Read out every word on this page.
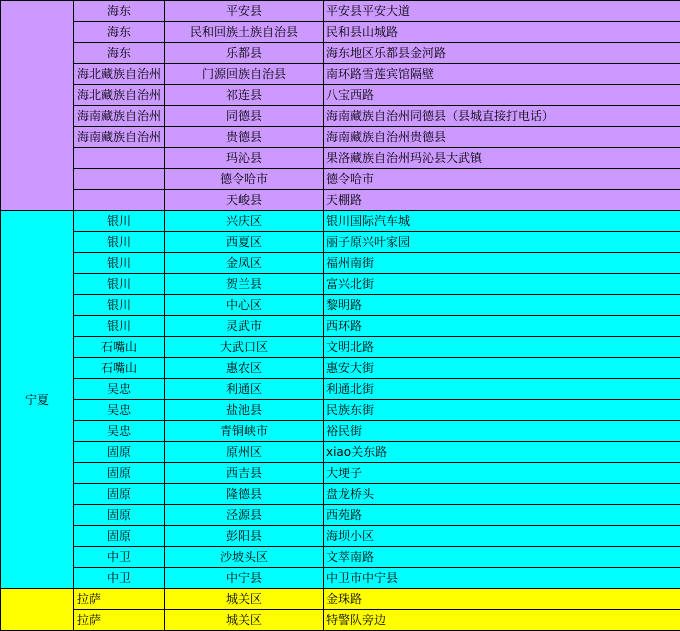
	海东	平安县	平安县平安大道
	海东	民和回族土族自治县	民和县山城路
	海东	乐都县	海东地区乐都县金河路
	海北藏族自治州	门源回族自治县	南环路雪莲宾馆隔壁
	海北藏族自治州	祁连县	八宝西路
	海南藏族自治州	同德县	海南藏族自治州同德县（县城直接打电话）
	海南藏族自治州	贵德县	海南藏族自治州贵德县
		玛沁县	果洛藏族自治州玛沁县大武镇
		德令哈市	德令哈市
		天峻县	天棚路
宁夏	银川	兴庆区	银川国际汽车城
	银川	西夏区	丽子原兴叶家园
	银川	金凤区	福州南街
	银川	贺兰县	富兴北街
	银川	中心区	黎明路
	银川	灵武市	西环路
	石嘴山	大武口区	文明北路
	石嘴山	惠农区	惠安大街
	吴忠	利通区	利通北街
	吴忠	盐池县	民族东街
	吴忠	青铜峡市	裕民街
	固原	原州区	xiao关东路
	固原	西吉县	大埂子
	固原	隆德县	盘龙桥头
	固原	泾源县	西苑路
	固原	彭阳县	海坝小区
	中卫	沙坡头区	文萃南路
	中卫	中宁县	中卫市中宁县
	拉萨	城关区	金珠路
	拉萨	城关区	特警队旁边
